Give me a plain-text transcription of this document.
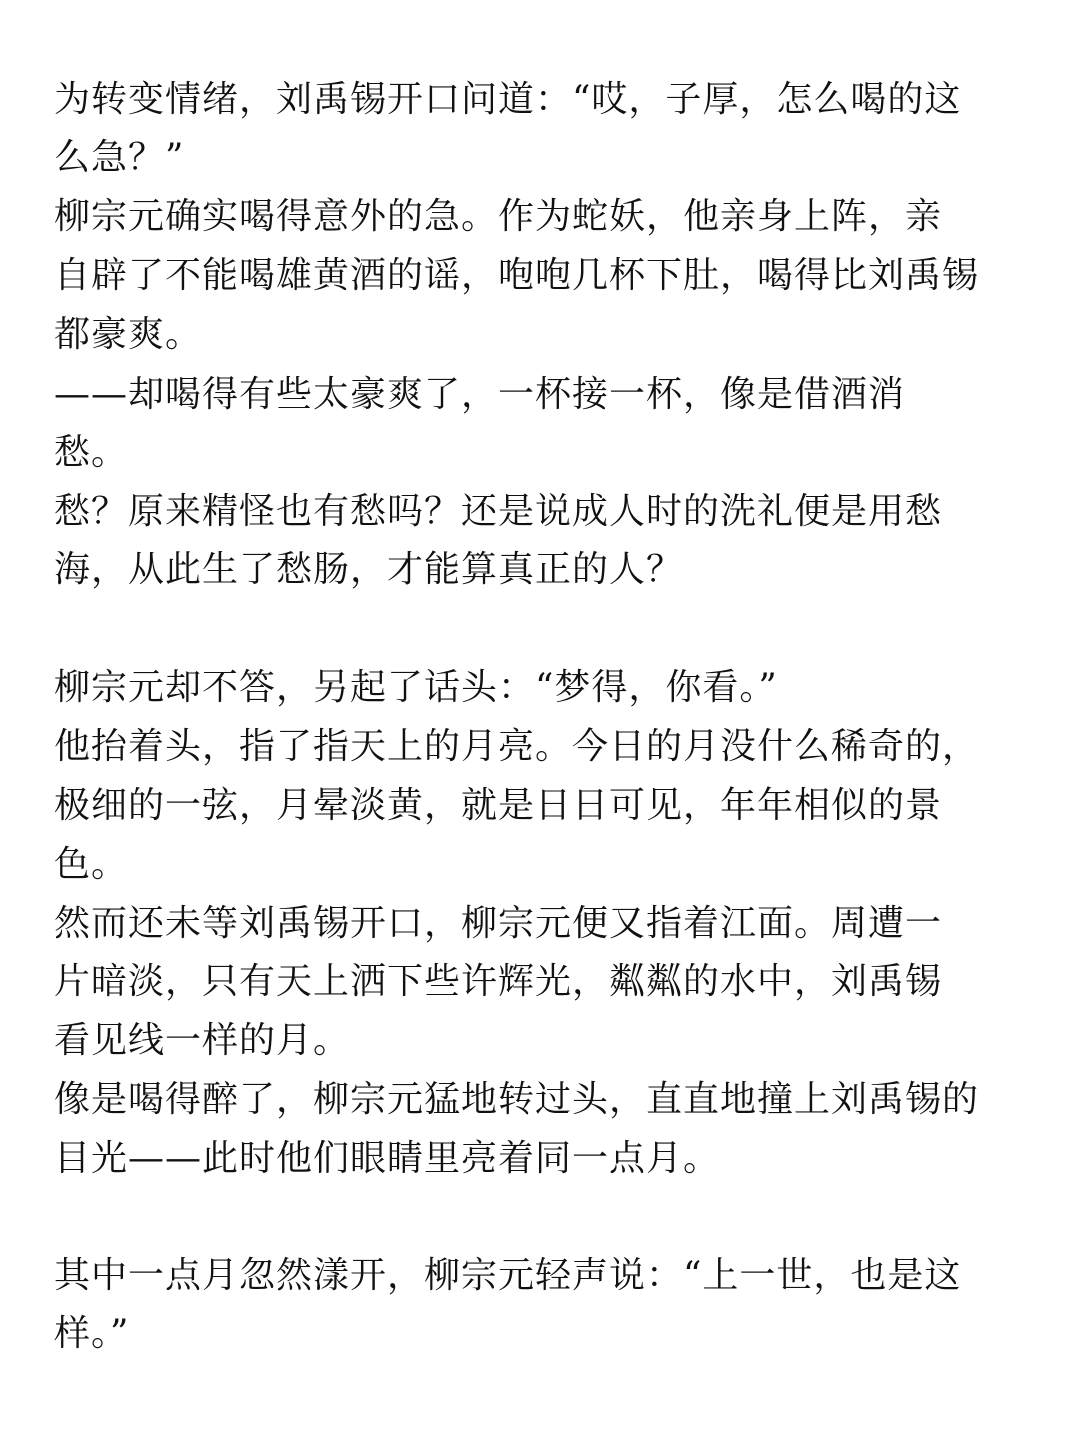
为转变情绪，刘禹锡开口问道：“哎，子厚，怎么喝的这
么急？”
柳宗元确实喝得意外的急。作为蛇妖，他亲身上阵，亲
自辟了不能喝雄黄酒的谣，咆咆几杯下肚，喝得比刘禹锡
都豪爽。
——却喝得有些太豪爽了，一杯接一杯，像是借酒消
愁。
愁？原来精怪也有愁吗？还是说成人时的洗礼便是用愁
海，从此生了愁肠，才能算真正的人？
柳宗元却不答，另起了话头：“梦得，你看。”
他抬着头，指了指天上的月亮。今日的月没什么稀奇的，
极细的一弦，月晕淡黄，就是日日可见，年年相似的景
色。
然而还未等刘禹锡开口，柳宗元便又指着江面。周遭一
片暗淡，只有天上洒下些许辉光，粼粼的水中，刘禹锡
看见线一样的月。
像是喝得醉了，柳宗元猛地转过头，直直地撞上刘禹锡的
目光——此时他们眼睛里亮着同一点月。
其中一点月忽然漾开，柳宗元轻声说：“上一世，也是这
样。”
